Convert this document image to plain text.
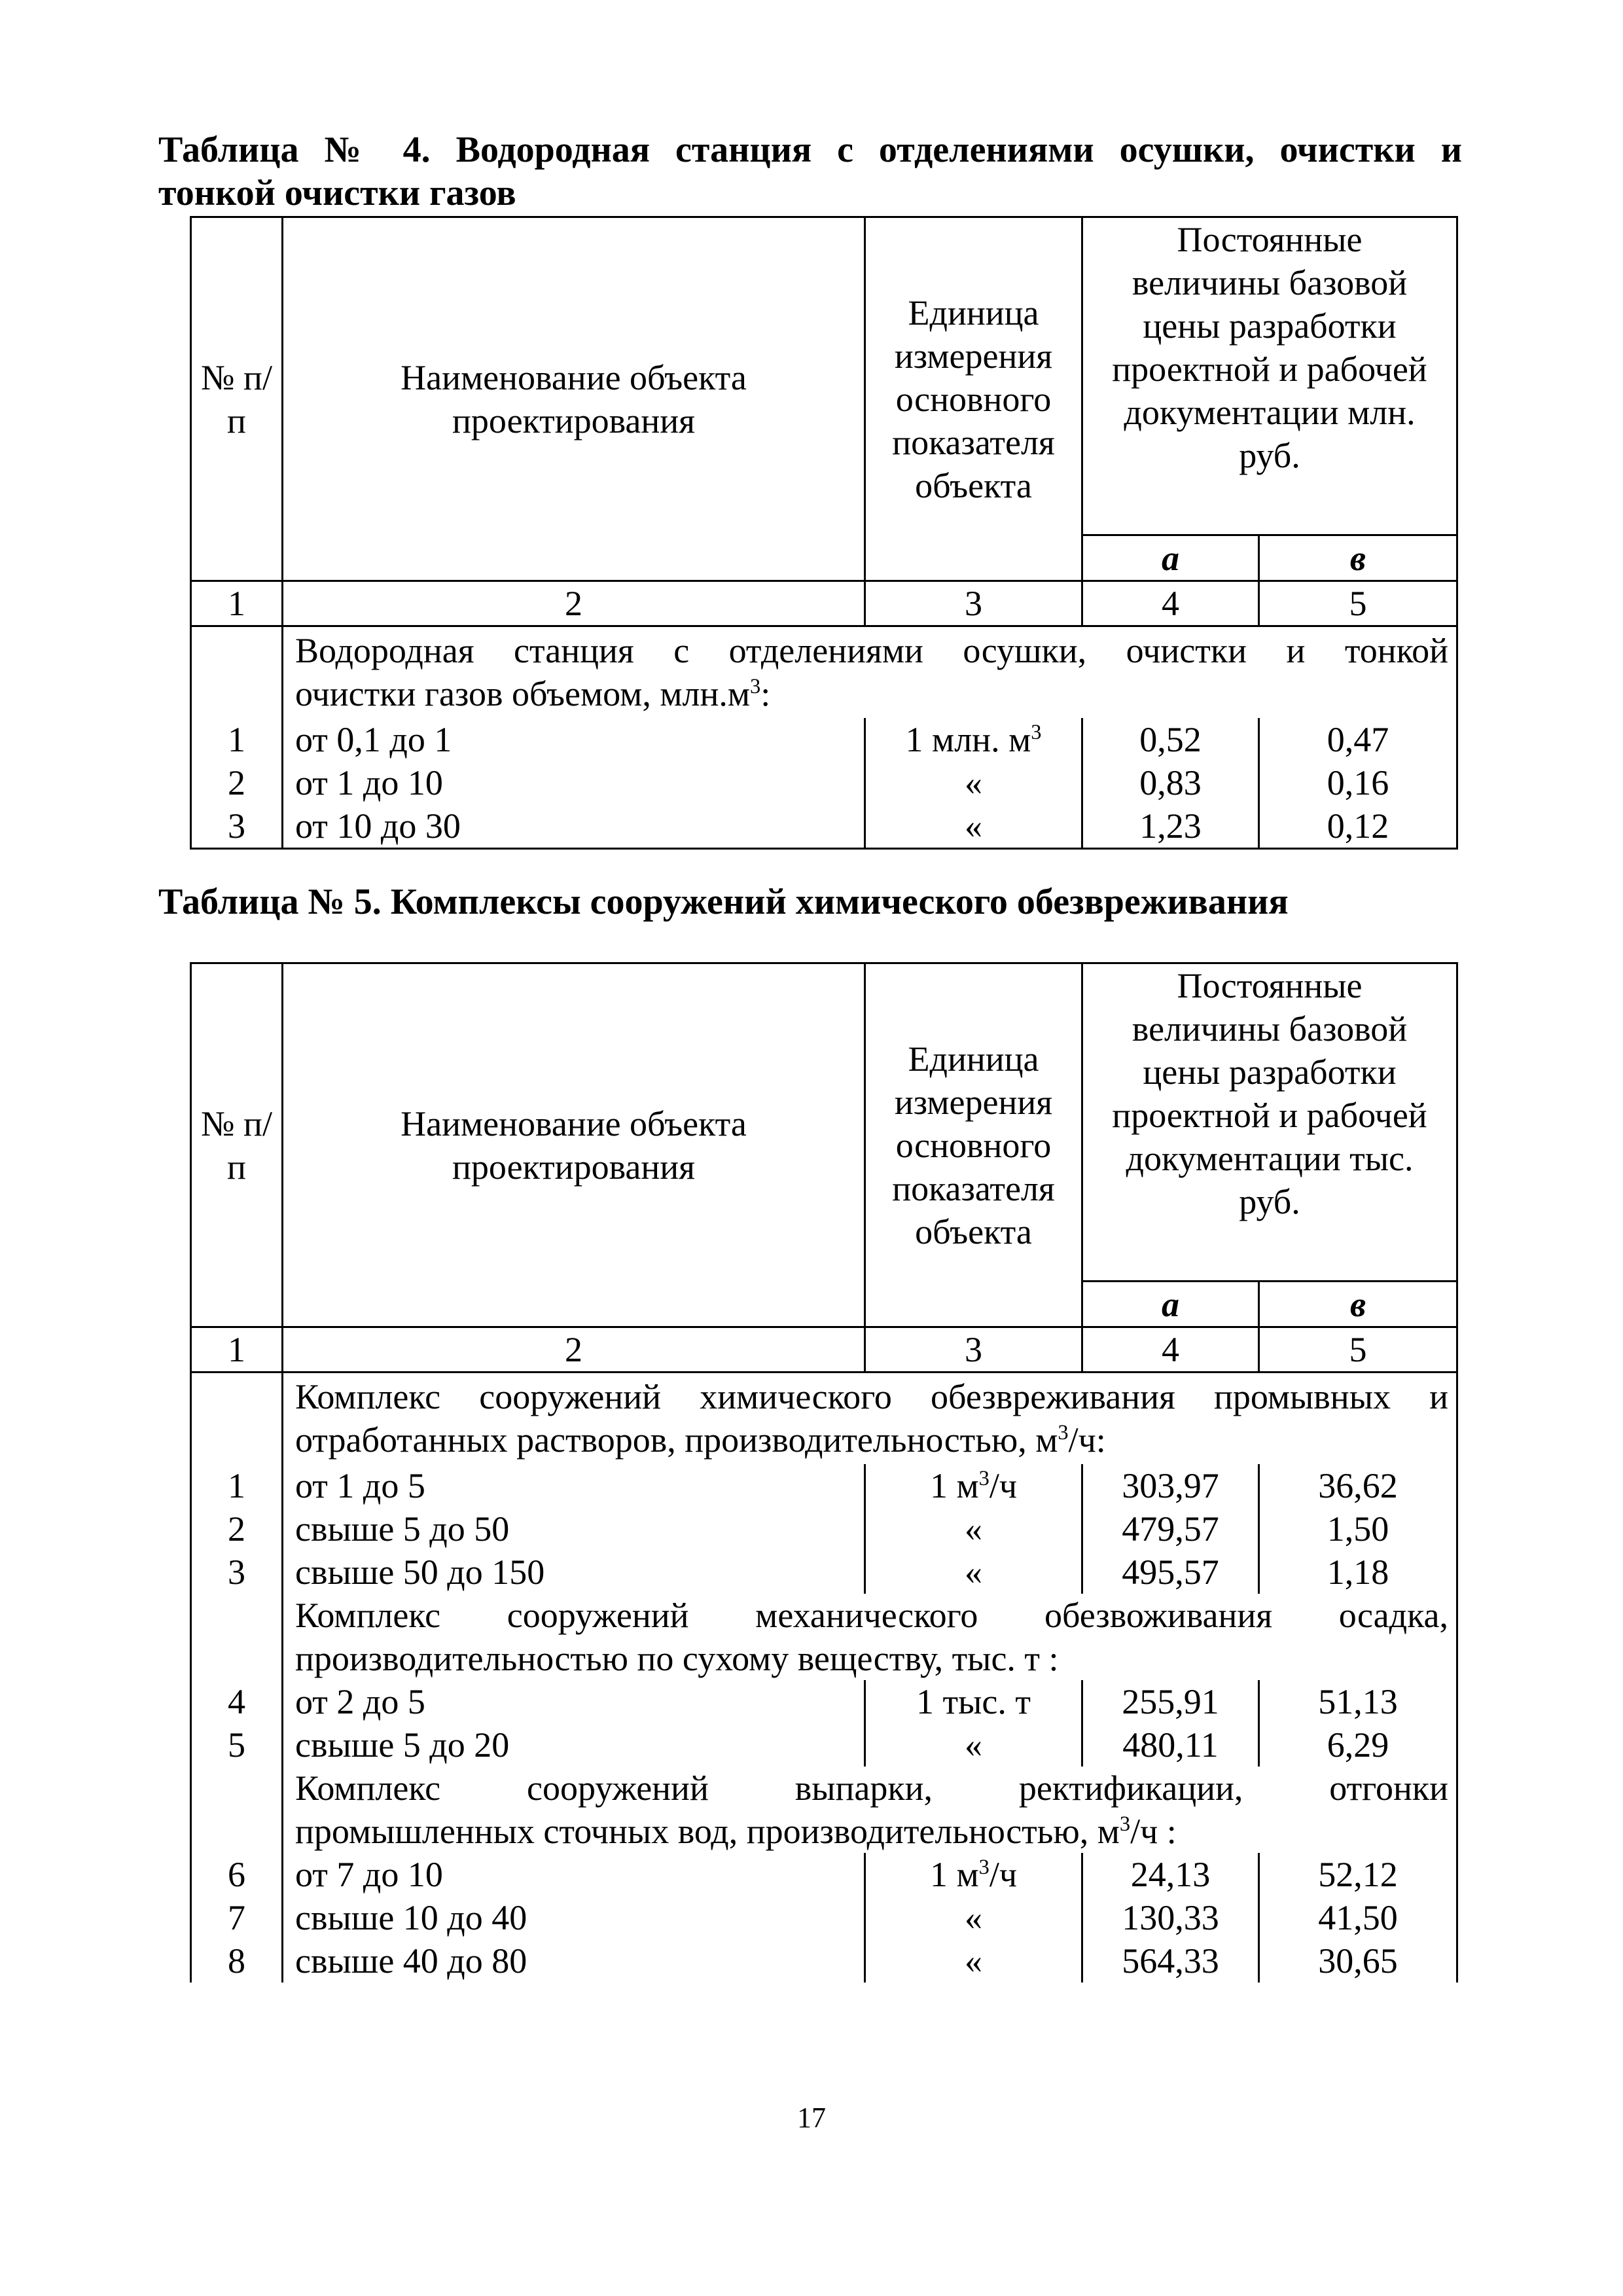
Таблица № 4. Водородная станция с отделениями осушки, очистки и
тонкой очистки газов
№ п/п	Наименование объекта проектирования	Единица измерения основного показателя объекта	Постоянные величины базовой цены разработки проектной и рабочей документации млн. руб.	
			а	в
1	2	3	4	5

	Водородная станция с отделениями осушки, очистки и тонкой
очистки газов объемом, $млн.м^3$:			
1	от 0,1 до 1	1 млн. $м^3$	0,52	0,47
2	от 1 до 10	«	0,83	0,16
3	от 10 до 30	«	1,23	0,12
Таблица № 5. Комплексы сооружений химического обезвреживания
№ п/п	Наименование объекта проектирования	Единица измерения основного показателя объекта	Постоянные величины базовой цены разработки проектной и рабочей документации тыс. руб.	
			а	в
1	2	3	4	5

	Комплекс сооружений химического обезвреживания промывных и
отработанных растворов, производительностью, $м^3/ч$:			
1	от 1 до 5	1 $м^3/ч$	303,97	36,62
2	свыше 5 до 50	«	479,57	1,50
3	свыше 50 до 150	«	495,57	1,18

	Комплекс сооружений механического обезвоживания осадка,
производительностью по сухому веществу, тыс. т :			
4	от 2 до 5	1 тыс. т	255,91	51,13
5	свыше 5 до 20	«	480,11	6,29

	Комплекс сооружений выпарки, ректификации, отгонки
промышленных сточных вод, производительностью, $м^3/ч$ :			
6	от 7 до 10	1 $м^3/ч$	24,13	52,12
7	свыше 10 до 40	«	130,33	41,50
8	свыше 40 до 80	«	564,33	30,65
17
